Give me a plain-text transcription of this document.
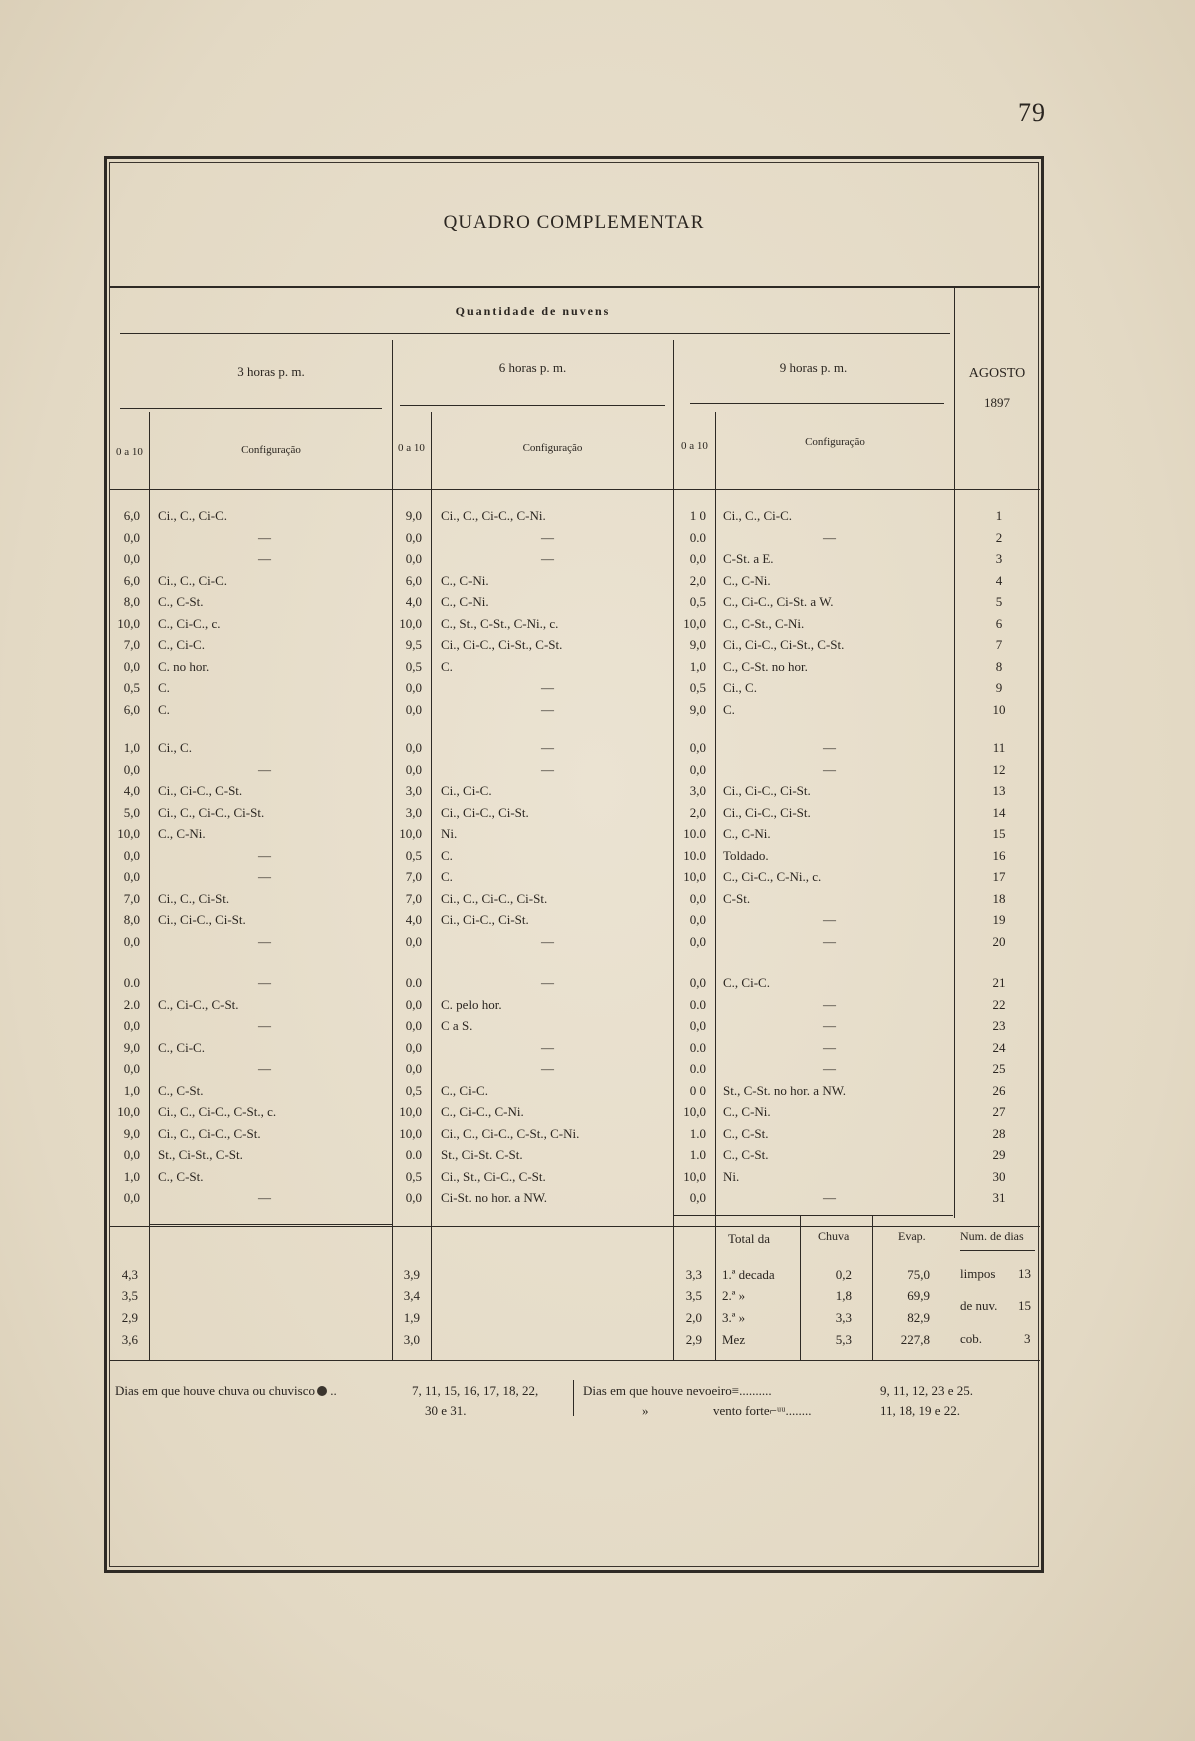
79
QUADRO COMPLEMENTAR
Quantidade de nuvens
3 horas p. m.	6 horas p. m.	9 horas p. m.	AGOSTO
1897
0 a 10	Configuração	0 a 10	Configuração	0 a 10	Configuração
6,0 Ci., C., Ci-C.	9,0 Ci., C., Ci-C., C-Ni.	1 0 Ci., C., Ci-C.	1
0,0	—	0,0	—	0.0	—	2
0,0	—	0,0	—	0,0 C-St. a E.	3
6,0 Ci., C., Ci-C.	6,0 C., C-Ni.	2,0 C., C-Ni.	4
8,0 C., C-St.	4,0 C., C-Ni.	0,5 C., Ci-C., Ci-St. a W.	5
10,0 C., Ci-C., c.	10,0 C., St., C-St., C-Ni., c.	10,0 C., C-St., C-Ni.	6
7,0 C., Ci-C.	9,5 Ci., Ci-C., Ci-St., C-St.	9,0 Ci., Ci-C., Ci-St., C-St.	7
0,0 C. no hor.	0,5 C.	1,0 C., C-St. no hor.	8
0,5 C.	0,0	—	0,5 Ci., C.	9
6,0 C.	0,0	—	9,0 C.	10
1,0 Ci., C.	0,0	—	0,0	—	11
0,0	—	0,0	—	0,0	—	12
4,0 Ci., Ci-C., C-St.	3,0 Ci., Ci-C.	3,0 Ci., Ci-C., Ci-St.	13
5,0 Ci., C., Ci-C., Ci-St.	3,0 Ci., Ci-C., Ci-St.	2,0 Ci., Ci-C., Ci-St.	14
10,0 C., C-Ni.	10,0 Ni.	10.0 C., C-Ni.	15
0,0	—	0,5 C.	10.0 Toldado.	16
0,0	—	7,0 C.	10,0 C., Ci-C., C-Ni., c.	17
7,0 Ci., C., Ci-St.	7,0 Ci., C., Ci-C., Ci-St.	0,0 C-St.	18
8,0 Ci., Ci-C., Ci-St.	4,0 Ci., Ci-C., Ci-St.	0,0	—	19
0,0	—	0,0	—	0,0	—	20
0.0	—	0.0	—	0,0 C., Ci-C.	21
2.0 C., Ci-C., C-St.	0,0 C. pelo hor.	0.0	—	22
0,0	—	0,0 C a S.	0,0	—	23
9,0 C., Ci-C.	0,0	—	0.0	—	24
0,0	—	0,0	—	0.0	—	25
1,0 C., C-St.	0,5 C., Ci-C.	0 0 St., C-St. no hor. a NW.	26
10,0 Ci., C., Ci-C., C-St., c.	10,0 C., Ci-C., C-Ni.	10,0 C., C-Ni.	27
9,0 Ci., C., Ci-C., C-St.	10,0 Ci., C., Ci-C., C-St., C-Ni.	1.0 C., C-St.	28
0,0 St., Ci-St., C-St.	0.0 St., Ci-St. C-St.	1.0 C., C-St.	29
1,0 C., C-St.	0,5 Ci., St., Ci-C., C-St.	10,0 Ni.	30
0,0	—	0,0 Ci-St. no hor. a NW.	0,0	—	31
Total da	Chuva	Evap.	Num. de dias
4,3	3,9	3,3 1.ª decada	0,2	75,0
3,5	3,4	3,5 2.ª »	1,8	69,9
2,9	1,9	2,0 3.ª »	3,3	82,9
3,6	3,0	2,9 Mez	5,3	227,8
limpos 13
de nuv. 15
cob.	3
Dias em que houve chuva ou chuvisco ..	7, 11, 15, 16, 17, 18, 22,
30 e 31.
Dias em que houve nevoeiro≡..........	9, 11, 12, 23 e 25.
»	vento forte⌐ᵘᵘ........	11, 18, 19 e 22.
